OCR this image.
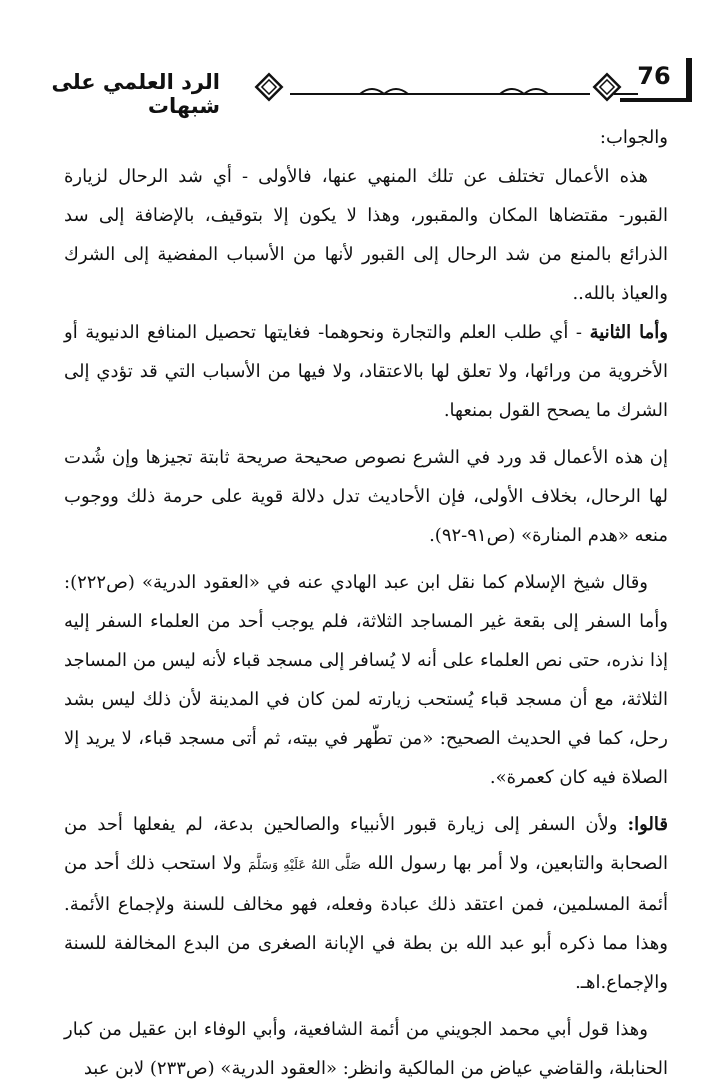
الرد العلمي على شبهات
76

والجواب:

هذه الأعمال تختلف عن تلك المنهي عنها، فالأولى - أي شد الرحال لزيارة القبور- مقتضاها المكان والمقبور، وهذا لا يكون إلا بتوقيف، بالإضافة إلى سد الذرائع بالمنع من شد الرحال إلى القبور لأنها من الأسباب المفضية إلى الشرك والعياذ بالله..

وأما الثانية - أي طلب العلم والتجارة ونحوهما- فغايتها تحصيل المنافع الدنيوية أو الأخروية من ورائها، ولا تعلق لها بالاعتقاد، ولا فيها من الأسباب التي قد تؤدي إلى الشرك ما يصحح القول بمنعها.

إن هذه الأعمال قد ورد في الشرع نصوص صحيحة صريحة ثابتة تجيزها وإن شُدت لها الرحال، بخلاف الأولى، فإن الأحاديث تدل دلالة قوية على حرمة ذلك ووجوب منعه «هدم المنارة» (ص٩١-٩٢).

وقال شيخ الإسلام كما نقل ابن عبد الهادي عنه في «العقود الدرية» (ص٢٢٢): وأما السفر إلى بقعة غير المساجد الثلاثة، فلم يوجب أحد من العلماء السفر إليه إذا نذره، حتى نص العلماء على أنه لا يُسافر إلى مسجد قباء لأنه ليس من المساجد الثلاثة، مع أن مسجد قباء يُستحب زيارته لمن كان في المدينة لأن ذلك ليس بشد رحل، كما في الحديث الصحيح: «من تطّهر في بيته، ثم أتى مسجد قباء، لا يريد إلا الصلاة فيه كان كعمرة».

قالوا: ولأن السفر إلى زيارة قبور الأنبياء والصالحين بدعة، لم يفعلها أحد من الصحابة والتابعين، ولا أمر بها رسول الله صَلَّى اللهُ عَلَيْهِ وَسَلَّمَ ولا استحب ذلك أحد من أئمة المسلمين، فمن اعتقد ذلك عبادة وفعله، فهو مخالف للسنة ولإجماع الأئمة. وهذا مما ذكره أبو عبد الله بن بطة في الإبانة الصغرى من البدع المخالفة للسنة والإجماع.اهـ.

وهذا قول أبي محمد الجويني من أئمة الشافعية، وأبي الوفاء ابن عقيل من كبار الحنابلة، والقاضي عياض من المالكية وانظر: «العقود الدرية» (ص٢٣٣) لابن عبد
